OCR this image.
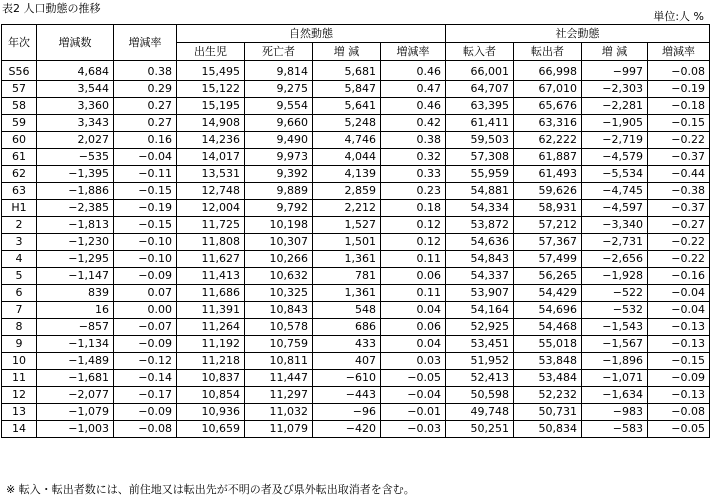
表2 人口動態の推移
単位:人 %
年次	増減数	増減率	自然動態				社会動態			
			出生児	死亡者	増 減	増減率	転入者	転出者	増 減	増減率
S56	4,684	0.38	15,495	9,814	5,681	0.46	66,001	66,998	−997	−0.08
57	3,544	0.29	15,122	9,275	5,847	0.47	64,707	67,010	−2,303	−0.19
58	3,360	0.27	15,195	9,554	5,641	0.46	63,395	65,676	−2,281	−0.18
59	3,343	0.27	14,908	9,660	5,248	0.42	61,411	63,316	−1,905	−0.15
60	2,027	0.16	14,236	9,490	4,746	0.38	59,503	62,222	−2,719	−0.22
61	−535	−0.04	14,017	9,973	4,044	0.32	57,308	61,887	−4,579	−0.37
62	−1,395	−0.11	13,531	9,392	4,139	0.33	55,959	61,493	−5,534	−0.44
63	−1,886	−0.15	12,748	9,889	2,859	0.23	54,881	59,626	−4,745	−0.38
H1	−2,385	−0.19	12,004	9,792	2,212	0.18	54,334	58,931	−4,597	−0.37
2	−1,813	−0.15	11,725	10,198	1,527	0.12	53,872	57,212	−3,340	−0.27
3	−1,230	−0.10	11,808	10,307	1,501	0.12	54,636	57,367	−2,731	−0.22
4	−1,295	−0.10	11,627	10,266	1,361	0.11	54,843	57,499	−2,656	−0.22
5	−1,147	−0.09	11,413	10,632	781	0.06	54,337	56,265	−1,928	−0.16
6	839	0.07	11,686	10,325	1,361	0.11	53,907	54,429	−522	−0.04
7	16	0.00	11,391	10,843	548	0.04	54,164	54,696	−532	−0.04
8	−857	−0.07	11,264	10,578	686	0.06	52,925	54,468	−1,543	−0.13
9	−1,134	−0.09	11,192	10,759	433	0.04	53,451	55,018	−1,567	−0.13
10	−1,489	−0.12	11,218	10,811	407	0.03	51,952	53,848	−1,896	−0.15
11	−1,681	−0.14	10,837	11,447	−610	−0.05	52,413	53,484	−1,071	−0.09
12	−2,077	−0.17	10,854	11,297	−443	−0.04	50,598	52,232	−1,634	−0.13
13	−1,079	−0.09	10,936	11,032	−96	−0.01	49,748	50,731	−983	−0.08
14	−1,003	−0.08	10,659	11,079	−420	−0.03	50,251	50,834	−583	−0.05
※ 転入・転出者数には、前住地又は転出先が不明の者及び県外転出取消者を含む。
